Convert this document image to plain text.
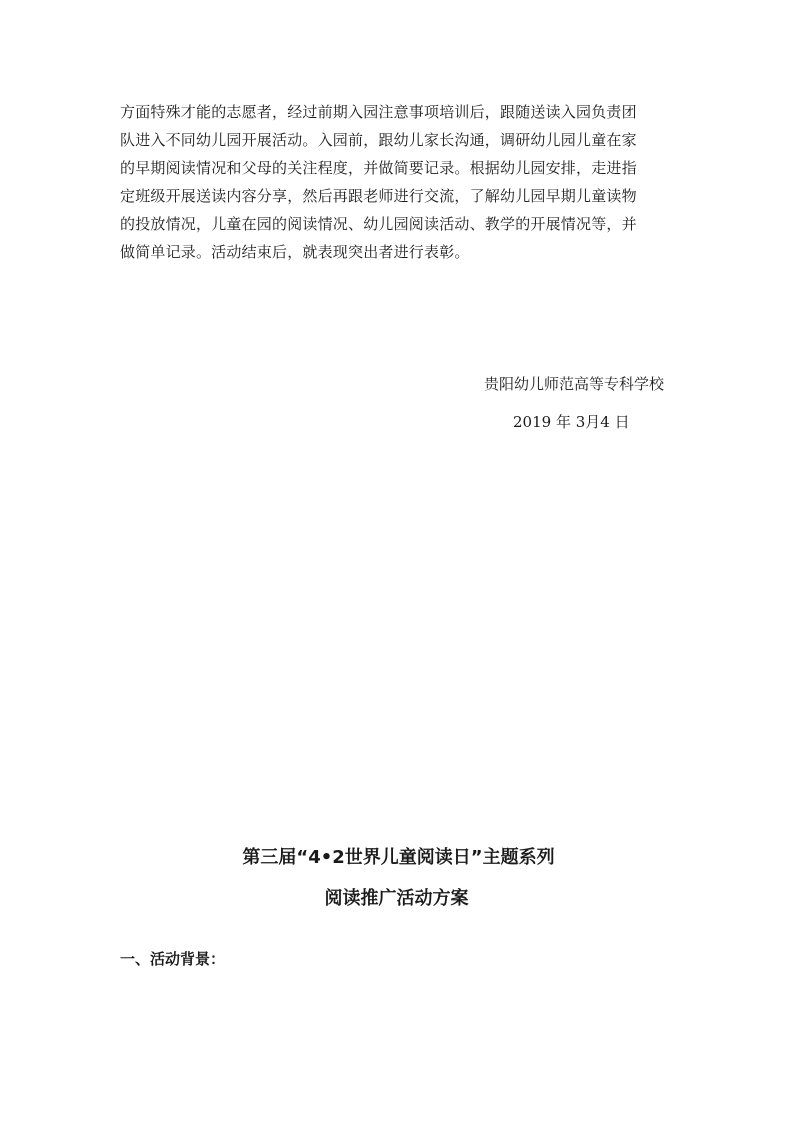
方面特殊才能的志愿者，经过前期入园注意事项培训后，跟随送读入园负责团
队进入不同幼儿园开展活动。入园前，跟幼儿家长沟通，调研幼儿园儿童在家
的早期阅读情况和父母的关注程度，并做简要记录。根据幼儿园安排，走进指
定班级开展送读内容分享，然后再跟老师进行交流，了解幼儿园早期儿童读物
的投放情况，儿童在园的阅读情况、幼儿园阅读活动、教学的开展情况等，并
做简单记录。活动结束后，就表现突出者进行表彰。
贵阳幼儿师范高等专科学校
2019 年 3月4 日
第三届“4•2世界儿童阅读日”主题系列
阅读推广活动方案
一、活动背景：
